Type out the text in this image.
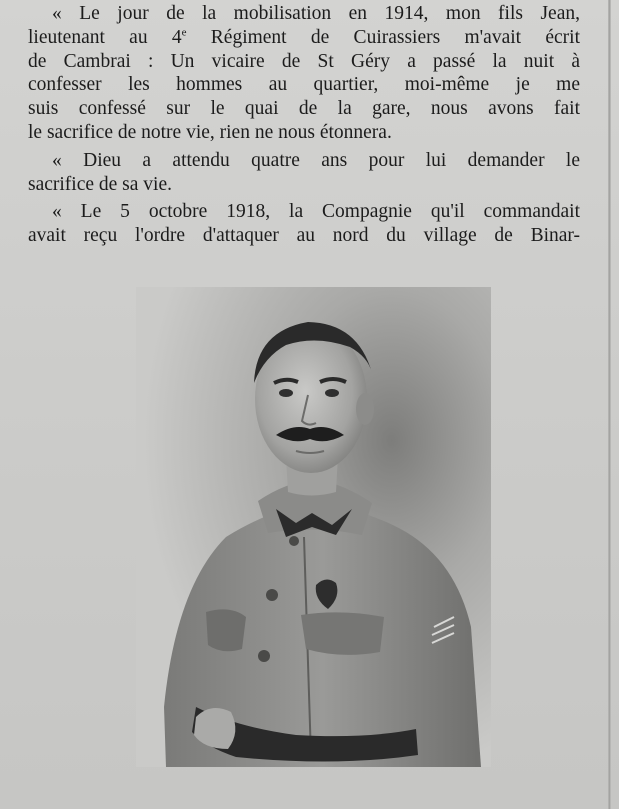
« Le jour de la mobilisation en 1914, mon fils Jean,
lieutenant au 4e Régiment de Cuirassiers m'avait écrit
de Cambrai : Un vicaire de St Géry a passé la nuit à
confesser les hommes au quartier, moi-même je me
suis confessé sur le quai de la gare, nous avons fait
le sacrifice de notre vie, rien ne nous étonnera.

« Dieu a attendu quatre ans pour lui demander le
sacrifice de sa vie.

« Le 5 octobre 1918, la Compagnie qu'il commandait
avait reçu l'ordre d'attaquer au nord du village de Binar-
